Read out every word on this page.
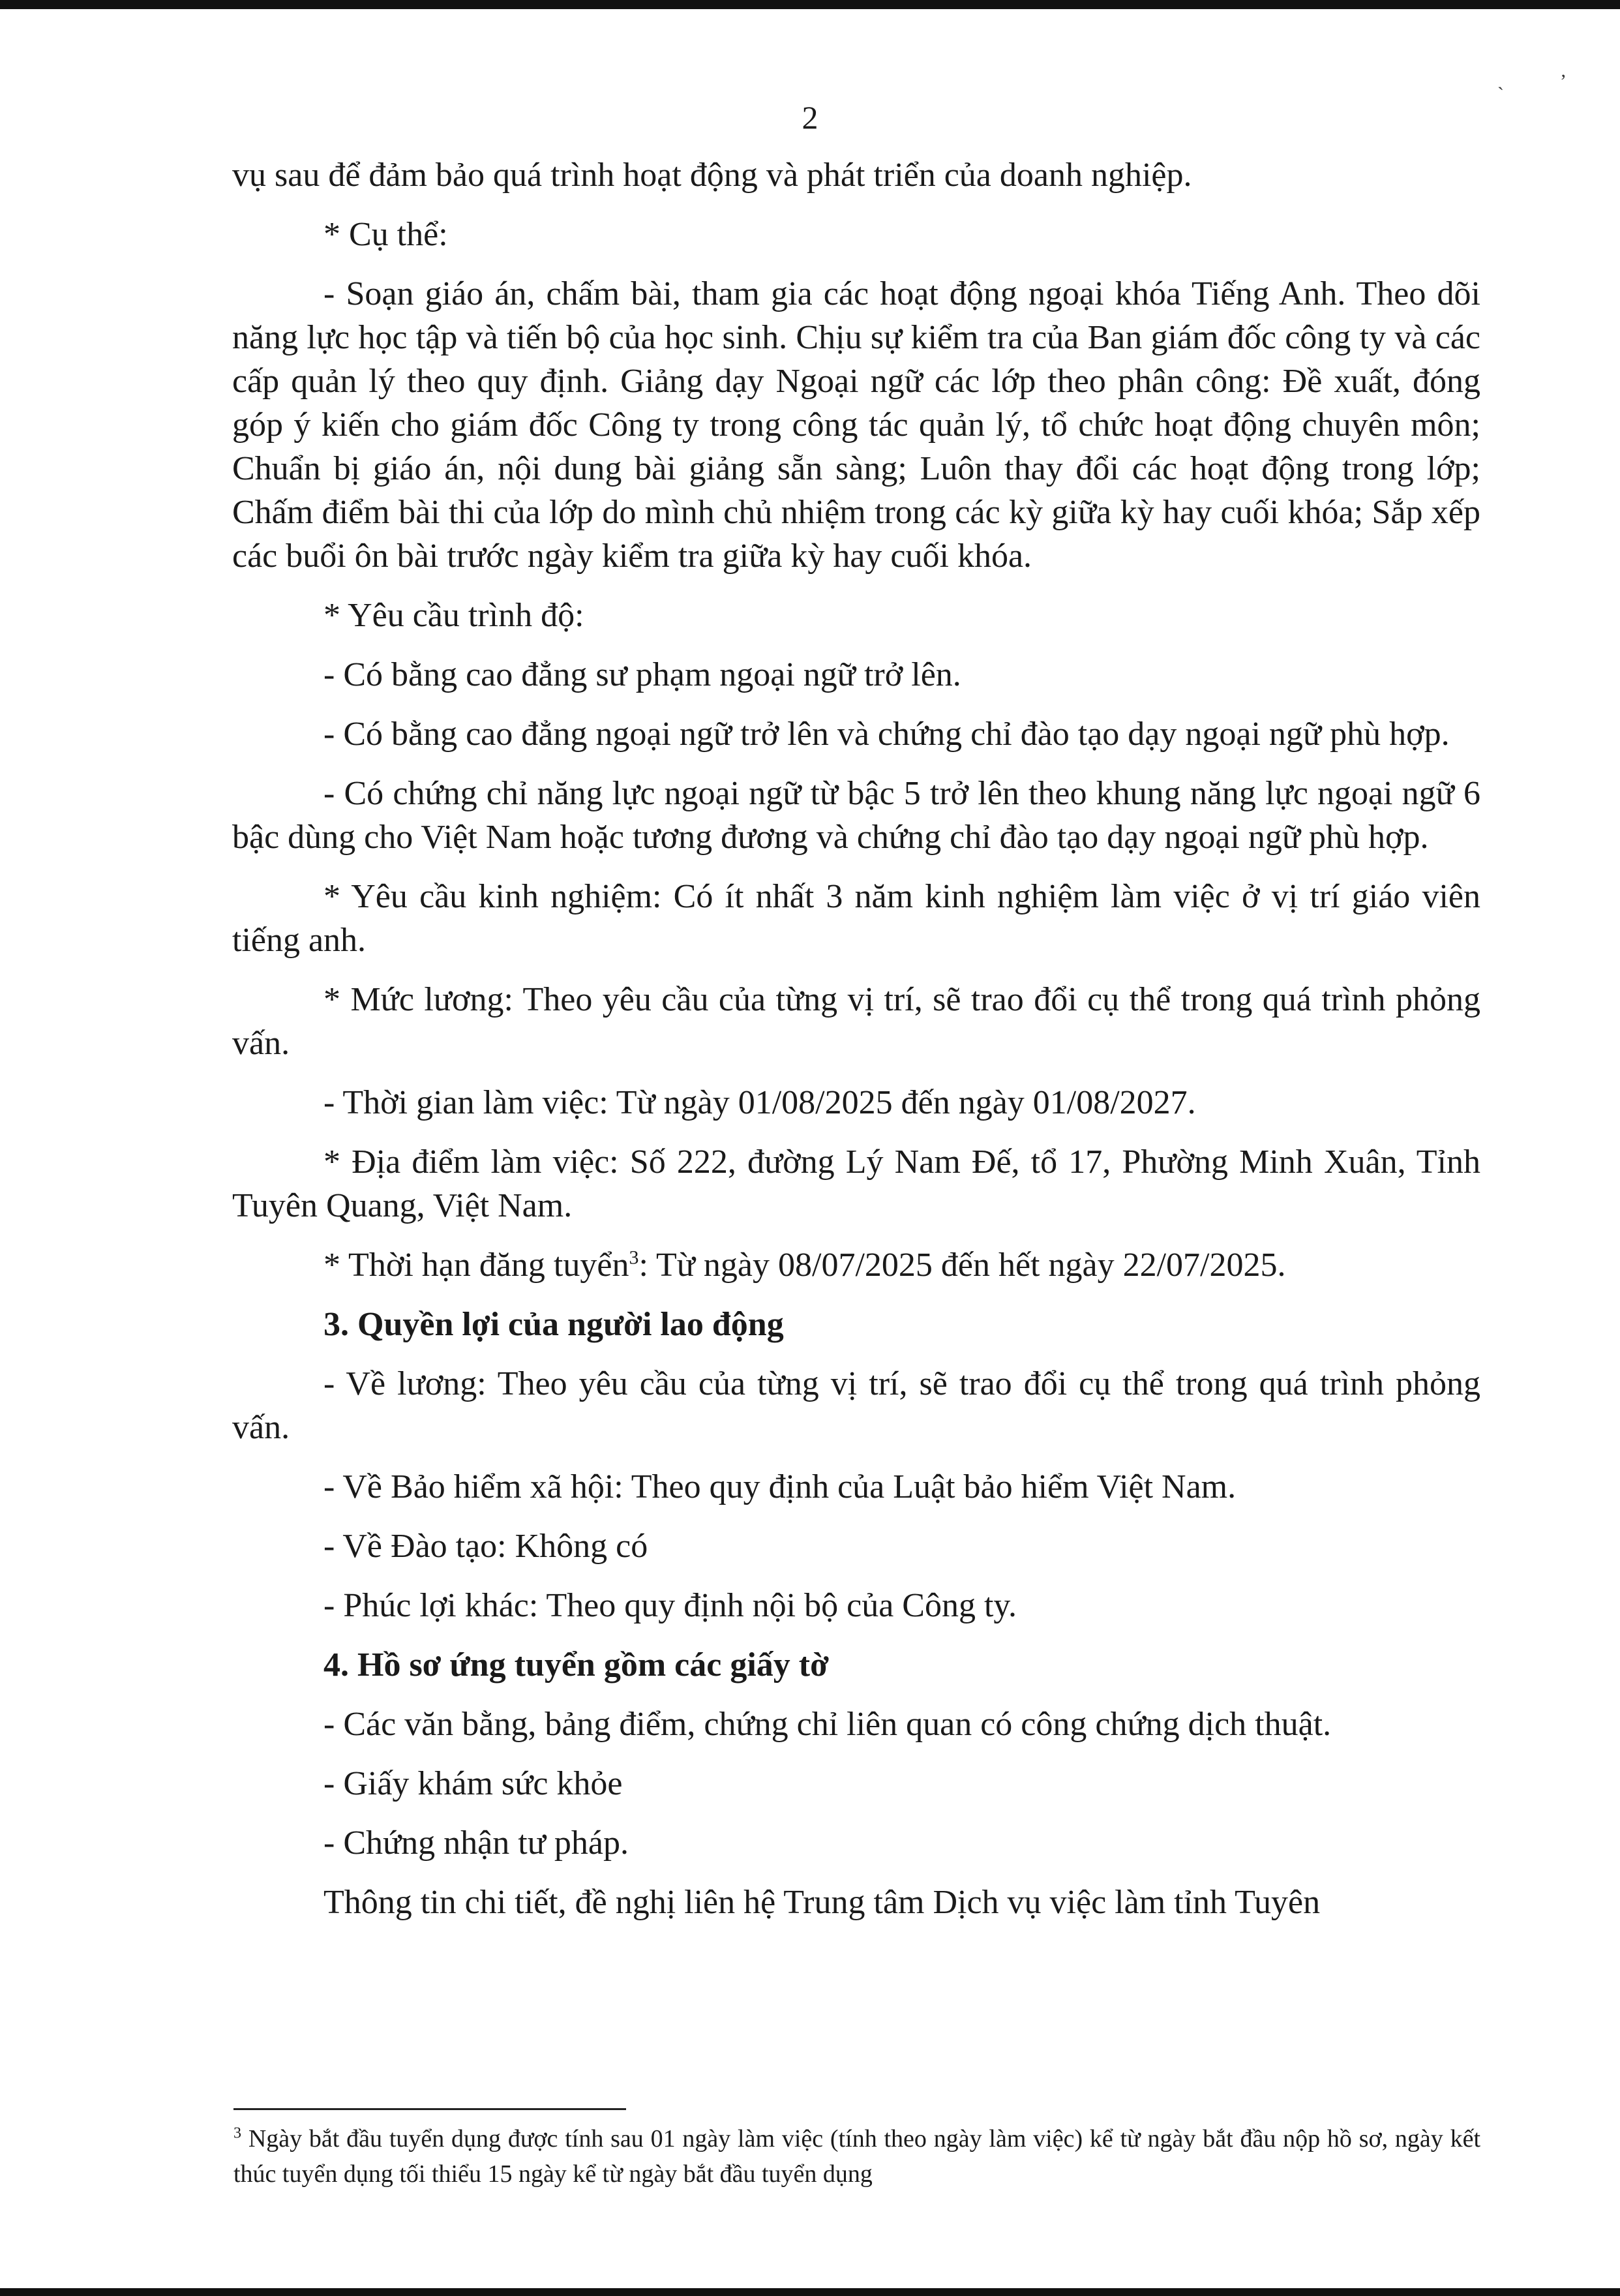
`
’
2

vụ sau để đảm bảo quá trình hoạt động và phát triển của doanh nghiệp.

* Cụ thể:

- Soạn giáo án, chấm bài, tham gia các hoạt động ngoại khóa Tiếng Anh. Theo dõi năng lực học tập và tiến bộ của học sinh. Chịu sự kiểm tra của Ban giám đốc công ty và các cấp quản lý theo quy định. Giảng dạy Ngoại ngữ các lớp theo phân công: Đề xuất, đóng góp ý kiến cho giám đốc Công ty trong công tác quản lý, tổ chức hoạt động chuyên môn; Chuẩn bị giáo án, nội dung bài giảng sẵn sàng; Luôn thay đổi các hoạt động trong lớp; Chấm điểm bài thi của lớp do mình chủ nhiệm trong các kỳ giữa kỳ hay cuối khóa; Sắp xếp các buổi ôn bài trước ngày kiểm tra giữa kỳ hay cuối khóa.

* Yêu cầu trình độ:

- Có bằng cao đẳng sư phạm ngoại ngữ trở lên.

- Có bằng cao đẳng ngoại ngữ trở lên và chứng chỉ đào tạo dạy ngoại ngữ phù hợp.

- Có chứng chỉ năng lực ngoại ngữ từ bậc 5 trở lên theo khung năng lực ngoại ngữ 6 bậc dùng cho Việt Nam hoặc tương đương và chứng chỉ đào tạo dạy ngoại ngữ phù hợp.

* Yêu cầu kinh nghiệm: Có ít nhất 3 năm kinh nghiệm làm việc ở vị trí giáo viên tiếng anh.

* Mức lương: Theo yêu cầu của từng vị trí, sẽ trao đổi cụ thể trong quá trình phỏng vấn.

- Thời gian làm việc: Từ ngày 01/08/2025 đến ngày 01/08/2027.

* Địa điểm làm việc: Số 222, đường Lý Nam Đế, tổ 17, Phường Minh Xuân, Tỉnh Tuyên Quang, Việt Nam.

* Thời hạn đăng tuyển$^3$: Từ ngày 08/07/2025 đến hết ngày 22/07/2025.

3. Quyền lợi của người lao động

- Về lương: Theo yêu cầu của từng vị trí, sẽ trao đổi cụ thể trong quá trình phỏng vấn.

- Về Bảo hiểm xã hội: Theo quy định của Luật bảo hiểm Việt Nam.

- Về Đào tạo: Không có

- Phúc lợi khác: Theo quy định nội bộ của Công ty.

4. Hồ sơ ứng tuyển gồm các giấy tờ

- Các văn bằng, bảng điểm, chứng chỉ liên quan có công chứng dịch thuật.

- Giấy khám sức khỏe

- Chứng nhận tư pháp.

Thông tin chi tiết, đề nghị liên hệ Trung tâm Dịch vụ việc làm tỉnh Tuyên

$^3$ Ngày bắt đầu tuyển dụng được tính sau 01 ngày làm việc (tính theo ngày làm việc) kể từ ngày bắt đầu nộp hồ sơ, ngày kết thúc tuyển dụng tối thiểu 15 ngày kể từ ngày bắt đầu tuyển dụng
